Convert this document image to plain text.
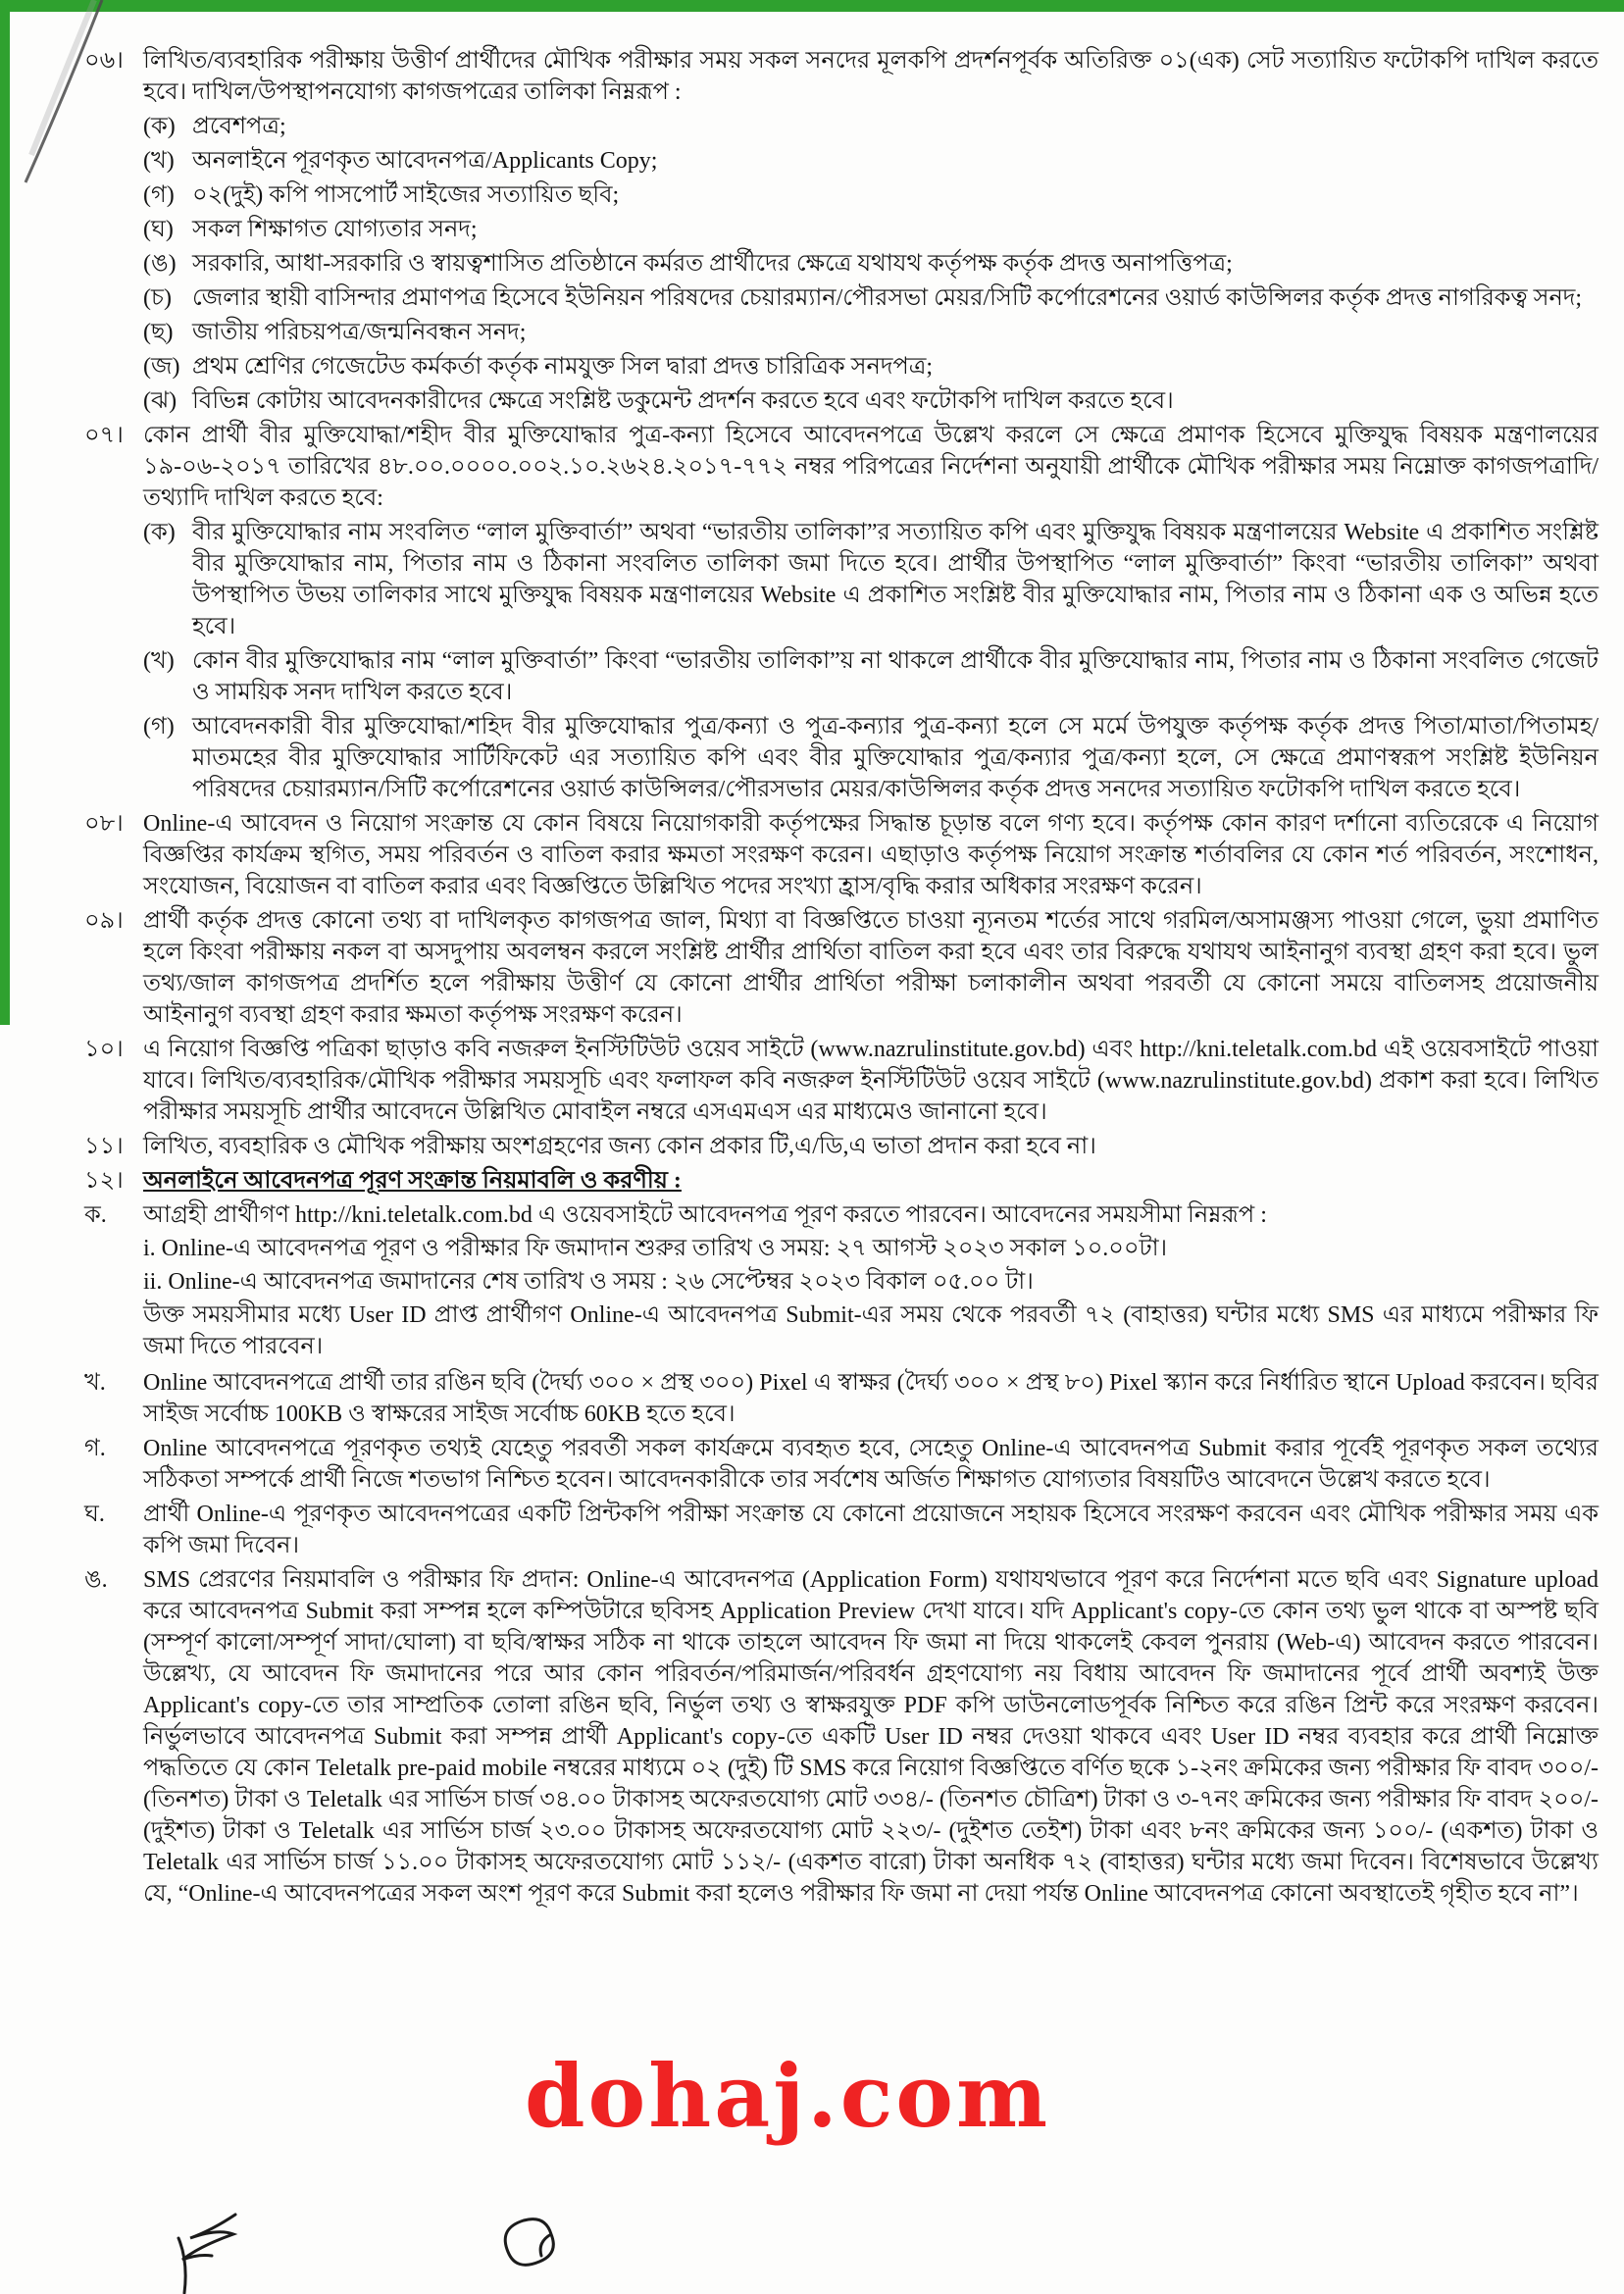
০৬। লিখিত/ব্যবহারিক পরীক্ষায় উত্তীর্ণ প্রার্থীদের মৌখিক পরীক্ষার সময় সকল সনদের মূলকপি প্রদর্শনপূর্বক অতিরিক্ত ০১(এক) সেট সত্যায়িত ফটোকপি দাখিল করতে হবে। দাখিল/উপস্থাপনযোগ্য কাগজপত্রের তালিকা নিম্নরূপ :
(ক) প্রবেশপত্র;
(খ) অনলাইনে পূরণকৃত আবেদনপত্র/Applicants Copy;
(গ) ০২(দুই) কপি পাসপোর্ট সাইজের সত্যায়িত ছবি;
(ঘ) সকল শিক্ষাগত যোগ্যতার সনদ;
(ঙ) সরকারি, আধা-সরকারি ও স্বায়ত্বশাসিত প্রতিষ্ঠানে কর্মরত প্রার্থীদের ক্ষেত্রে যথাযথ কর্তৃপক্ষ কর্তৃক প্রদত্ত অনাপত্তিপত্র;
(চ) জেলার স্থায়ী বাসিন্দার প্রমাণপত্র হিসেবে ইউনিয়ন পরিষদের চেয়ারম্যান/পৌরসভা মেয়র/সিটি কর্পোরেশনের ওয়ার্ড কাউন্সিলর কর্তৃক প্রদত্ত নাগরিকত্ব সনদ;
(ছ) জাতীয় পরিচয়পত্র/জন্মনিবন্ধন সনদ;
(জ) প্রথম শ্রেণির গেজেটেড কর্মকর্তা কর্তৃক নামযুক্ত সিল দ্বারা প্রদত্ত চারিত্রিক সনদপত্র;
(ঝ) বিভিন্ন কোটায় আবেদনকারীদের ক্ষেত্রে সংশ্লিষ্ট ডকুমেন্ট প্রদর্শন করতে হবে এবং ফটোকপি দাখিল করতে হবে।
০৭। কোন প্রার্থী বীর মুক্তিযোদ্ধা/শহীদ বীর মুক্তিযোদ্ধার পুত্র-কন্যা হিসেবে আবেদনপত্রে উল্লেখ করলে সে ক্ষেত্রে প্রমাণক হিসেবে মুক্তিযুদ্ধ বিষয়ক মন্ত্রণালয়ের ১৯-০৬-২০১৭ তারিখের ৪৮.০০.০০০০.০০২.১০.২৬২৪.২০১৭-৭৭২ নম্বর পরিপত্রের নির্দেশনা অনুযায়ী প্রার্থীকে মৌখিক পরীক্ষার সময় নিম্নোক্ত কাগজপত্রাদি/তথ্যাদি দাখিল করতে হবে:
(ক) বীর মুক্তিযোদ্ধার নাম সংবলিত “লাল মুক্তিবার্তা” অথবা “ভারতীয় তালিকা”র সত্যায়িত কপি এবং মুক্তিযুদ্ধ বিষয়ক মন্ত্রণালয়ের Website এ প্রকাশিত সংশ্লিষ্ট বীর মুক্তিযোদ্ধার নাম, পিতার নাম ও ঠিকানা সংবলিত তালিকা জমা দিতে হবে। প্রার্থীর উপস্থাপিত “লাল মুক্তিবার্তা” কিংবা “ভারতীয় তালিকা” অথবা উপস্থাপিত উভয় তালিকার সাথে মুক্তিযুদ্ধ বিষয়ক মন্ত্রণালয়ের Website এ প্রকাশিত সংশ্লিষ্ট বীর মুক্তিযোদ্ধার নাম, পিতার নাম ও ঠিকানা এক ও অভিন্ন হতে হবে।
(খ) কোন বীর মুক্তিযোদ্ধার নাম “লাল মুক্তিবার্তা” কিংবা “ভারতীয় তালিকা”য় না থাকলে প্রার্থীকে বীর মুক্তিযোদ্ধার নাম, পিতার নাম ও ঠিকানা সংবলিত গেজেট ও সাময়িক সনদ দাখিল করতে হবে।
(গ) আবেদনকারী বীর মুক্তিযোদ্ধা/শহিদ বীর মুক্তিযোদ্ধার পুত্র/কন্যা ও পুত্র-কন্যার পুত্র-কন্যা হলে সে মর্মে উপযুক্ত কর্তৃপক্ষ কর্তৃক প্রদত্ত পিতা/মাতা/পিতামহ/মাতমহের বীর মুক্তিযোদ্ধার সার্টিফিকেট এর সত্যায়িত কপি এবং বীর মুক্তিযোদ্ধার পুত্র/কন্যার পুত্র/কন্যা হলে, সে ক্ষেত্রে প্রমাণস্বরূপ সংশ্লিষ্ট ইউনিয়ন পরিষদের চেয়ারম্যান/সিটি কর্পোরেশনের ওয়ার্ড কাউন্সিলর/পৌরসভার মেয়র/কাউন্সিলর কর্তৃক প্রদত্ত সনদের সত্যায়িত ফটোকপি দাখিল করতে হবে।
০৮। Online-এ আবেদন ও নিয়োগ সংক্রান্ত যে কোন বিষয়ে নিয়োগকারী কর্তৃপক্ষের সিদ্ধান্ত চূড়ান্ত বলে গণ্য হবে। কর্তৃপক্ষ কোন কারণ দর্শানো ব্যতিরেকে এ নিয়োগ বিজ্ঞপ্তির কার্যক্রম স্থগিত, সময় পরিবর্তন ও বাতিল করার ক্ষমতা সংরক্ষণ করেন। এছাড়াও কর্তৃপক্ষ নিয়োগ সংক্রান্ত শর্তাবলির যে কোন শর্ত পরিবর্তন, সংশোধন, সংযোজন, বিয়োজন বা বাতিল করার এবং বিজ্ঞপ্তিতে উল্লিখিত পদের সংখ্যা হ্রাস/বৃদ্ধি করার অধিকার সংরক্ষণ করেন।
০৯। প্রার্থী কর্তৃক প্রদত্ত কোনো তথ্য বা দাখিলকৃত কাগজপত্র জাল, মিথ্যা বা বিজ্ঞপ্তিতে চাওয়া ন্যূনতম শর্তের সাথে গরমিল/অসামঞ্জস্য পাওয়া গেলে, ভুয়া প্রমাণিত হলে কিংবা পরীক্ষায় নকল বা অসদুপায় অবলম্বন করলে সংশ্লিষ্ট প্রার্থীর প্রার্থিতা বাতিল করা হবে এবং তার বিরুদ্ধে যথাযথ আইনানুগ ব্যবস্থা গ্রহণ করা হবে। ভুল তথ্য/জাল কাগজপত্র প্রদর্শিত হলে পরীক্ষায় উত্তীর্ণ যে কোনো প্রার্থীর প্রার্থিতা পরীক্ষা চলাকালীন অথবা পরবর্তী যে কোনো সময়ে বাতিলসহ প্রয়োজনীয় আইনানুগ ব্যবস্থা গ্রহণ করার ক্ষমতা কর্তৃপক্ষ সংরক্ষণ করেন।
১০। এ নিয়োগ বিজ্ঞপ্তি পত্রিকা ছাড়াও কবি নজরুল ইনস্টিটিউট ওয়েব সাইটে (www.nazrulinstitute.gov.bd) এবং http://kni.teletalk.com.bd এই ওয়েবসাইটে পাওয়া যাবে। লিখিত/ব্যবহারিক/মৌখিক পরীক্ষার সময়সূচি এবং ফলাফল কবি নজরুল ইনস্টিটিউট ওয়েব সাইটে (www.nazrulinstitute.gov.bd) প্রকাশ করা হবে। লিখিত পরীক্ষার সময়সূচি প্রার্থীর আবেদনে উল্লিখিত মোবাইল নম্বরে এসএমএস এর মাধ্যমেও জানানো হবে।
১১। লিখিত, ব্যবহারিক ও মৌখিক পরীক্ষায় অংশগ্রহণের জন্য কোন প্রকার টি,এ/ডি,এ ভাতা প্রদান করা হবে না।
১২। অনলাইনে আবেদনপত্র পূরণ সংক্রান্ত নিয়মাবলি ও করণীয় :
ক.	আগ্রহী প্রার্থীগণ http://kni.teletalk.com.bd এ ওয়েবসাইটে আবেদনপত্র পূরণ করতে পারবেন। আবেদনের সময়সীমা নিম্নরূপ :

i. Online-এ আবেদনপত্র পূরণ ও পরীক্ষার ফি জমাদান শুরুর তারিখ ও সময়: ২৭ আগস্ট ২০২৩ সকাল ১০.০০টা।

ii. Online-এ আবেদনপত্র জমাদানের শেষ তারিখ ও সময় : ২৬ সেপ্টেম্বর ২০২৩ বিকাল ০৫.০০ টা।

উক্ত সময়সীমার মধ্যে User ID প্রাপ্ত প্রার্থীগণ Online-এ আবেদনপত্র Submit-এর সময় থেকে পরবর্তী ৭২ (বাহাত্তর) ঘন্টার মধ্যে SMS এর মাধ্যমে পরীক্ষার ফি জমা দিতে পারবেন।

খ.	Online আবেদনপত্রে প্রার্থী তার রঙিন ছবি (দৈর্ঘ্য ৩০০ × প্রস্থ ৩০০) Pixel এ স্বাক্ষর (দৈর্ঘ্য ৩০০ × প্রস্থ ৮০) Pixel স্ক্যান করে নির্ধারিত স্থানে Upload করবেন। ছবির সাইজ সর্বোচ্চ 100KB ও স্বাক্ষরের সাইজ সর্বোচ্চ 60KB হতে হবে।
গ.	Online আবেদনপত্রে পূরণকৃত তথ্যই যেহেতু পরবর্তী সকল কার্যক্রমে ব্যবহৃত হবে, সেহেতু Online-এ আবেদনপত্র Submit করার পূর্বেই পূরণকৃত সকল তথ্যের সঠিকতা সম্পর্কে প্রার্থী নিজে শতভাগ নিশ্চিত হবেন। আবেদনকারীকে তার সর্বশেষ অর্জিত শিক্ষাগত যোগ্যতার বিষয়টিও আবেদনে উল্লেখ করতে হবে।
ঘ.	প্রার্থী Online-এ পূরণকৃত আবেদনপত্রের একটি প্রিন্টকপি পরীক্ষা সংক্রান্ত যে কোনো প্রয়োজনে সহায়ক হিসেবে সংরক্ষণ করবেন এবং মৌখিক পরীক্ষার সময় এক কপি জমা দিবেন।
ঙ.	SMS প্রেরণের নিয়মাবলি ও পরীক্ষার ফি প্রদান: Online-এ আবেদনপত্র (Application Form) যথাযথভাবে পূরণ করে নির্দেশনা মতে ছবি এবং Signature upload করে আবেদনপত্র Submit করা সম্পন্ন হলে কম্পিউটারে ছবিসহ Application Preview দেখা যাবে। যদি Applicant's copy-তে কোন তথ্য ভুল থাকে বা অস্পষ্ট ছবি (সম্পূর্ণ কালো/সম্পূর্ণ সাদা/ঘোলা) বা ছবি/স্বাক্ষর সঠিক না থাকে তাহলে আবেদন ফি জমা না দিয়ে থাকলেই কেবল পুনরায় (Web-এ) আবেদন করতে পারবেন। উল্লেখ্য, যে আবেদন ফি জমাদানের পরে আর কোন পরিবর্তন/পরিমার্জন/পরিবর্ধন গ্রহণযোগ্য নয় বিধায় আবেদন ফি জমাদানের পূর্বে প্রার্থী অবশ্যই উক্ত Applicant's copy-তে তার সাম্প্রতিক তোলা রঙিন ছবি, নির্ভুল তথ্য ও স্বাক্ষরযুক্ত PDF কপি ডাউনলোডপূর্বক নিশ্চিত করে রঙিন প্রিন্ট করে সংরক্ষণ করবেন। নির্ভুলভাবে আবেদনপত্র Submit করা সম্পন্ন প্রার্থী Applicant's copy-তে একটি User ID নম্বর দেওয়া থাকবে এবং User ID নম্বর ব্যবহার করে প্রার্থী নিম্নোক্ত পদ্ধতিতে যে কোন Teletalk pre-paid mobile নম্বরের মাধ্যমে ০২ (দুই) টি SMS করে নিয়োগ বিজ্ঞপ্তিতে বর্ণিত ছকে ১-২নং ক্রমিকের জন্য পরীক্ষার ফি বাবদ ৩০০/- (তিনশত) টাকা ও Teletalk এর সার্ভিস চার্জ ৩৪.০০ টাকাসহ অফেরতযোগ্য মোট ৩৩৪/- (তিনশত চৌত্রিশ) টাকা ও ৩-৭নং ক্রমিকের জন্য পরীক্ষার ফি বাবদ ২০০/- (দুইশত) টাকা ও Teletalk এর সার্ভিস চার্জ ২৩.০০ টাকাসহ অফেরতযোগ্য মোট ২২৩/- (দুইশত তেইশ) টাকা এবং ৮নং ক্রমিকের জন্য ১০০/- (একশত) টাকা ও Teletalk এর সার্ভিস চার্জ ১১.০০ টাকাসহ অফেরতযোগ্য মোট ১১২/- (একশত বারো) টাকা অনধিক ৭২ (বাহাত্তর) ঘন্টার মধ্যে জমা দিবেন। বিশেষভাবে উল্লেখ্য যে, “Online-এ আবেদনপত্রের সকল অংশ পূরণ করে Submit করা হলেও পরীক্ষার ফি জমা না দেয়া পর্যন্ত Online আবেদনপত্র কোনো অবস্থাতেই গৃহীত হবে না”।
dohaj.com
